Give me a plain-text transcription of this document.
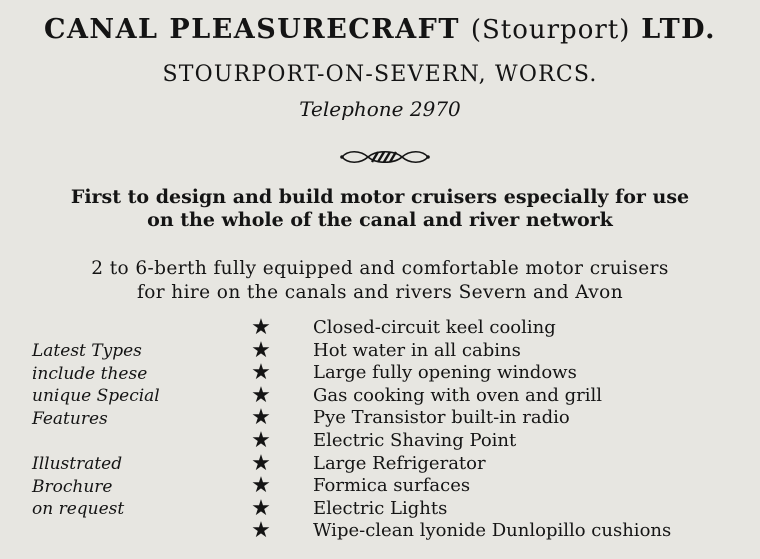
CANAL PLEASURECRAFT (Stourport) LTD.
STOURPORT-ON-SEVERN, WORCS.
Telephone 2970
First to design and build motor cruisers especially for use
on the whole of the canal and river network
2 to 6-berth fully equipped and comfortable motor cruisers
for hire on the canals and rivers Severn and Avon
Latest Types
include these
unique Special
Features
Illustrated
Brochure
on request
★
★
★
★
★
★
★
★
★
★
Closed-circuit keel cooling
Hot water in all cabins
Large fully opening windows
Gas cooking with oven and grill
Pye Transistor built-in radio
Electric Shaving Point
Large Refrigerator
Formica surfaces
Electric Lights
Wipe-clean lyonide Dunlopillo cushions
